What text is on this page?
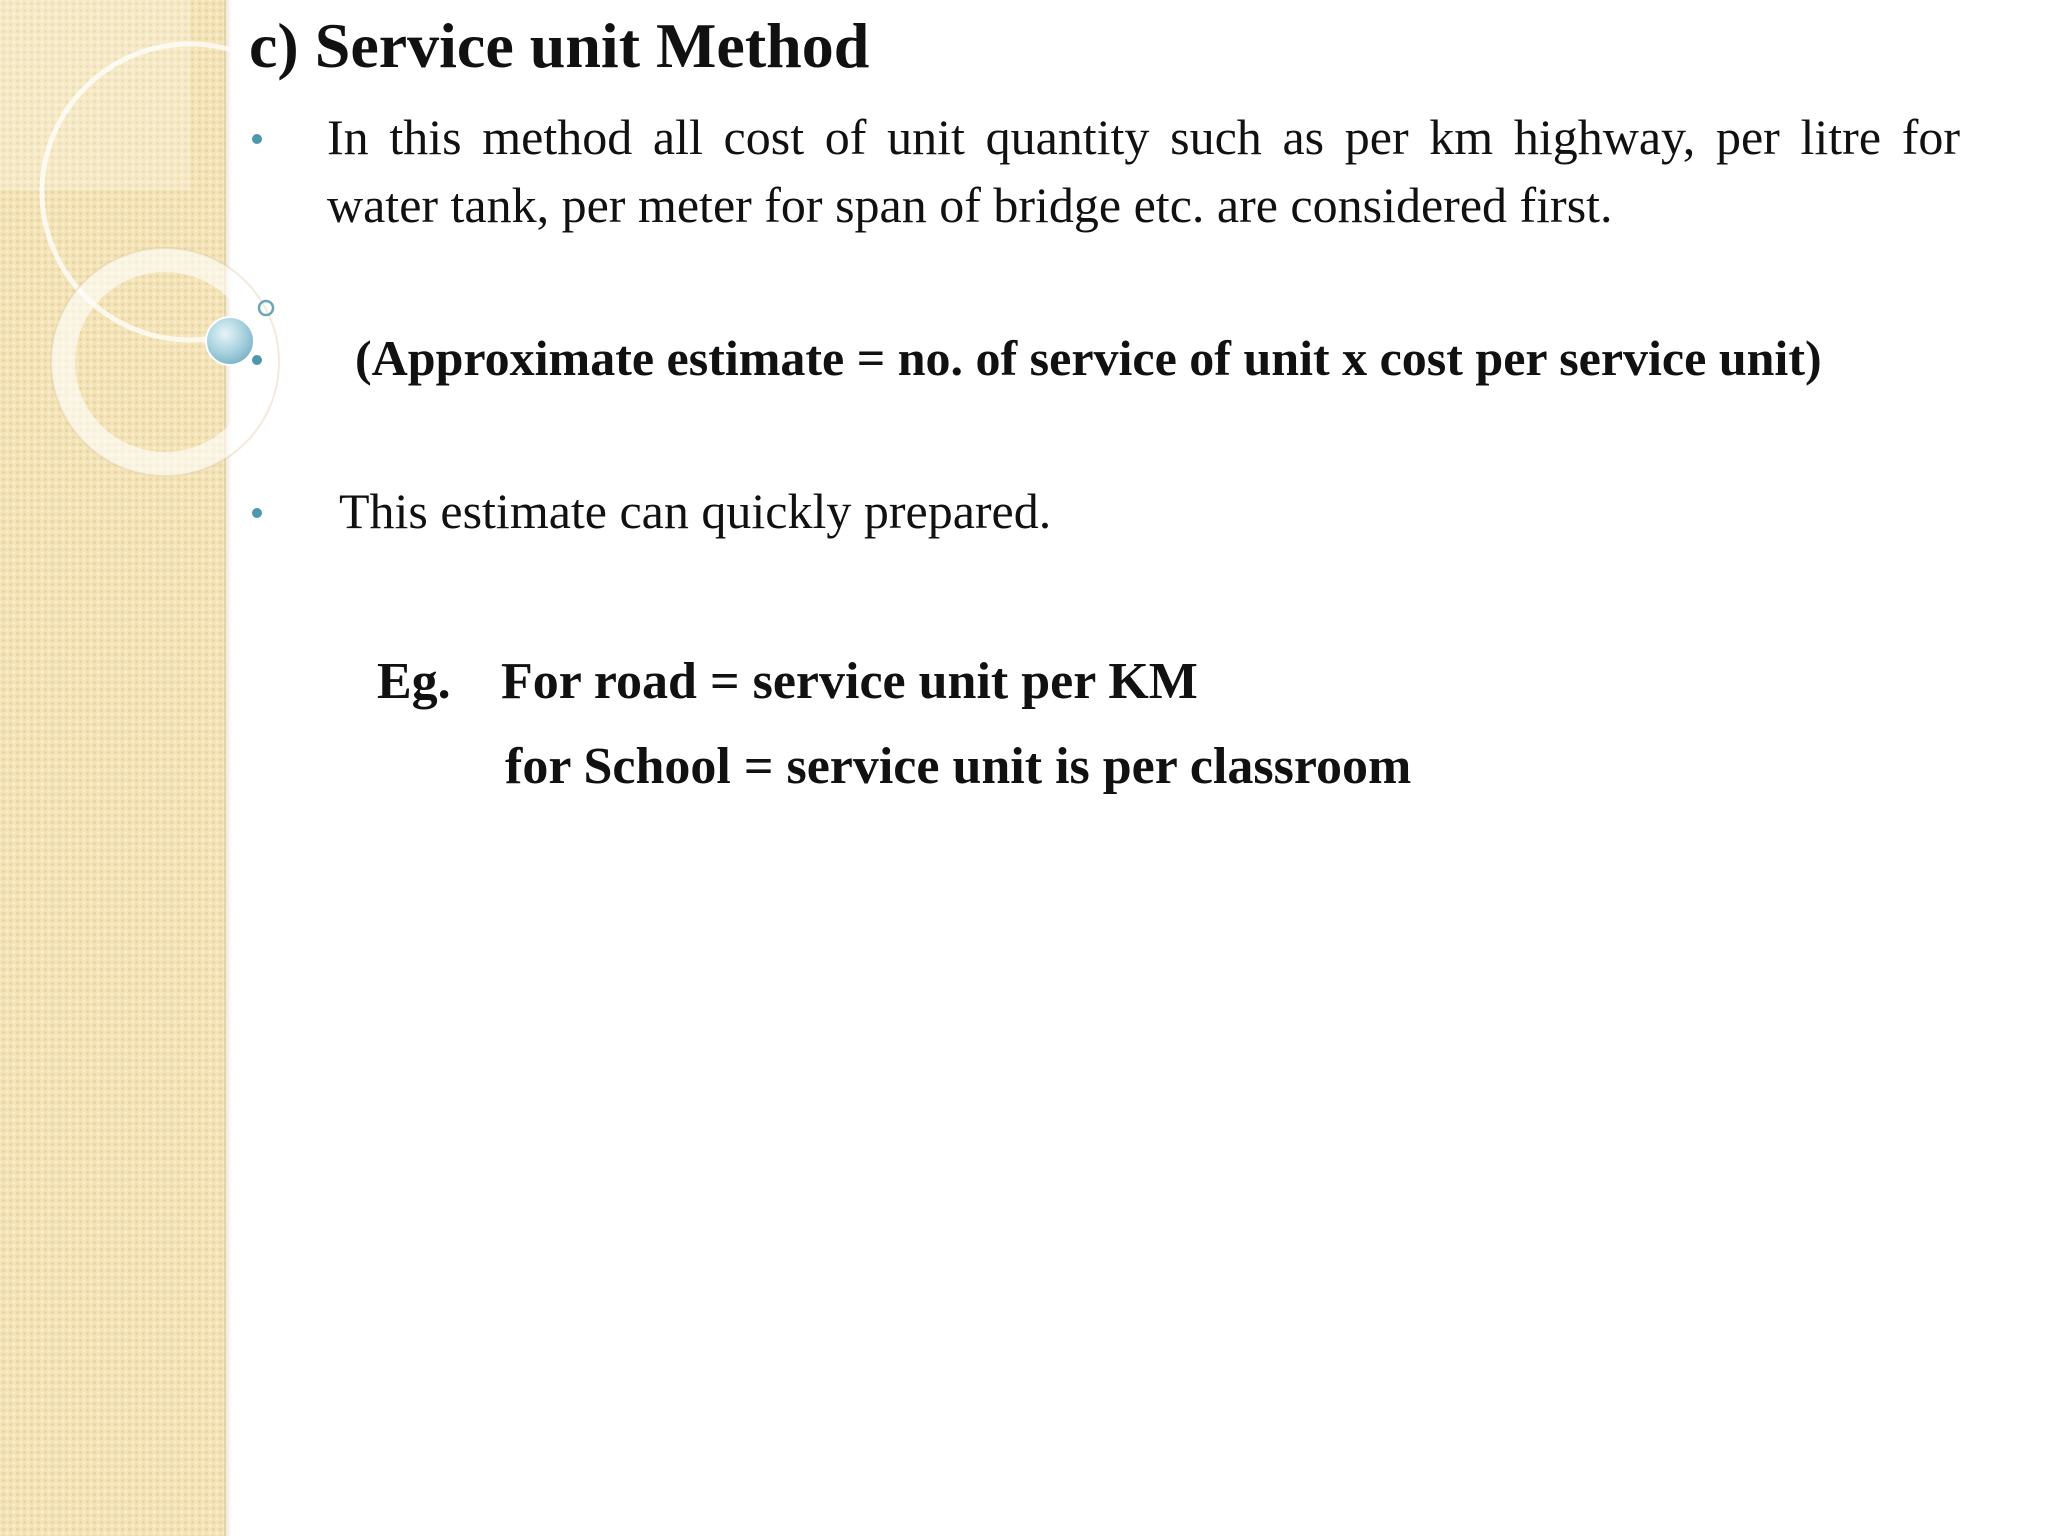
c) Service unit Method

In this method all cost of unit quantity such as per km highway, per litre for water tank, per meter for span of bridge etc. are considered first.

(Approximate estimate = no. of service of unit x cost per service unit)

This estimate can quickly prepared.

Eg. For road = service unit per KM

for School = service unit is per classroom
